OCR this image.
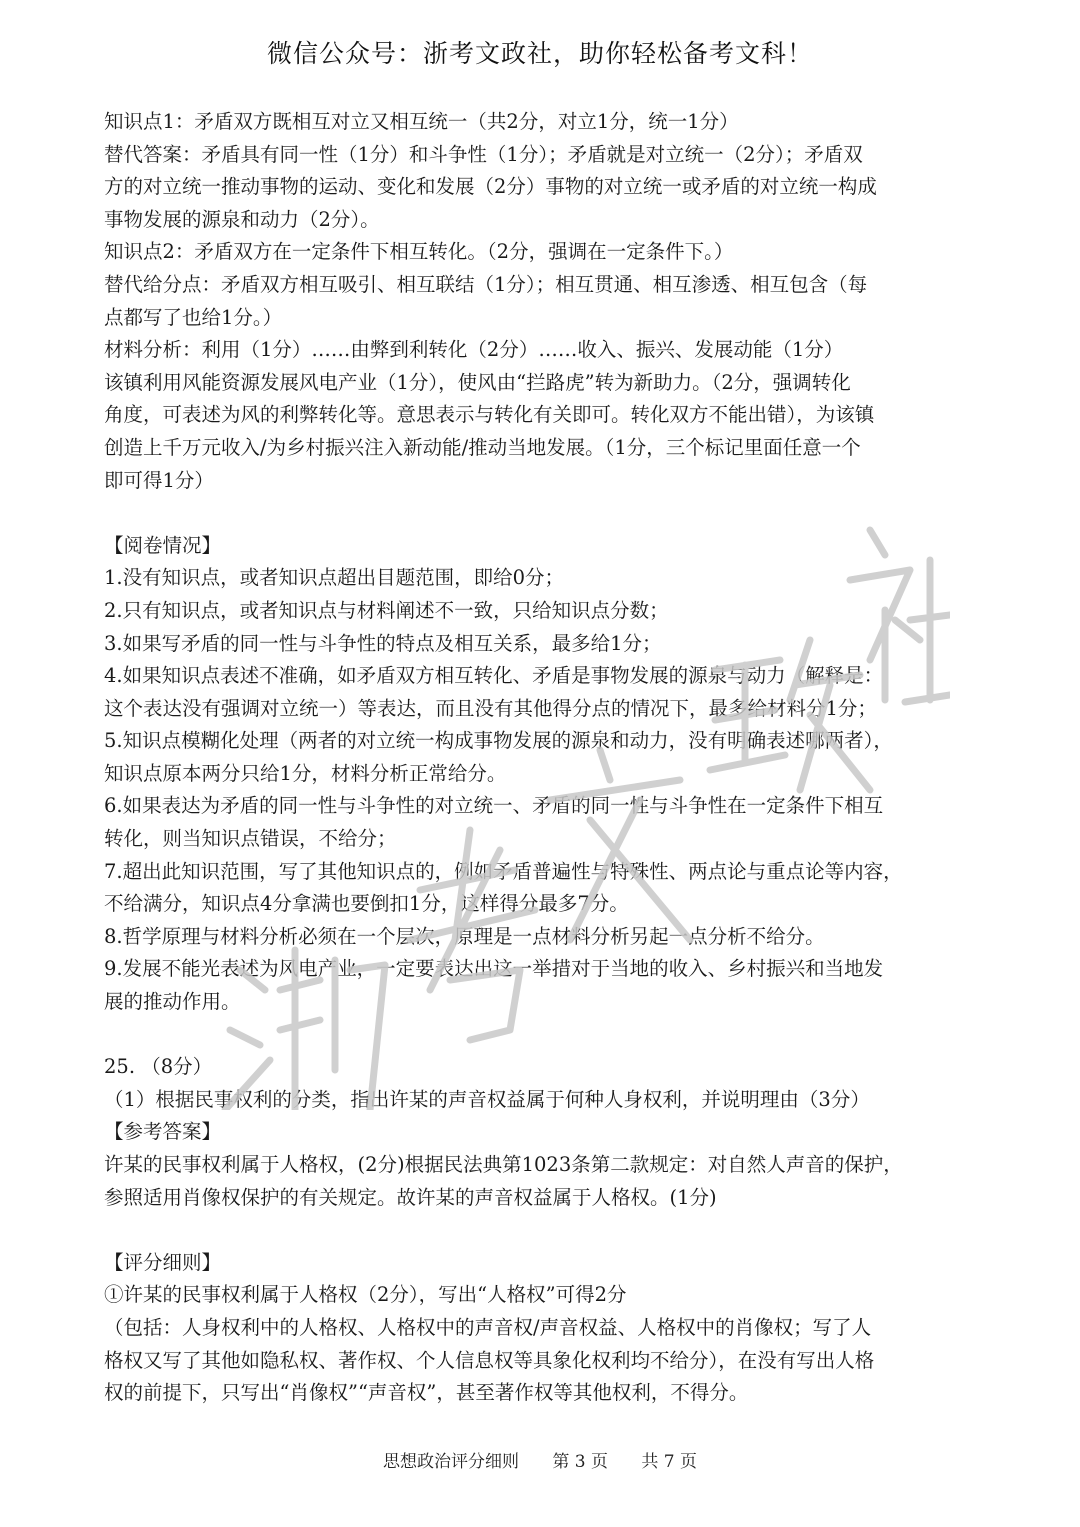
微信公众号：浙考文政社，助你轻松备考文科！

知识点1：矛盾双方既相互对立又相互统一（共2分，对立1分，统一1分）

替代答案：矛盾具有同一性（1分）和斗争性（1分）；矛盾就是对立统一（2分）；矛盾双

方的对立统一推动事物的运动、变化和发展（2分）事物的对立统一或矛盾的对立统一构成

事物发展的源泉和动力（2分）。

知识点2：矛盾双方在一定条件下相互转化。（2分，强调在一定条件下。）

替代给分点：矛盾双方相互吸引、相互联结（1分）；相互贯通、相互渗透、相互包含（每

点都写了也给1分。）

材料分析：利用（1分）……由弊到利转化（2分）……收入、振兴、发展动能（1分）

该镇利用风能资源发展风电产业（1分），使风由“拦路虎”转为新助力。（2分，强调转化

角度，可表述为风的利弊转化等。意思表示与转化有关即可。转化双方不能出错），为该镇

创造上千万元收入/为乡村振兴注入新动能/推动当地发展。（1分，三个标记里面任意一个

即可得1分）

【阅卷情况】

1.没有知识点，或者知识点超出目题范围，即给0分；

2.只有知识点，或者知识点与材料阐述不一致，只给知识点分数；

3.如果写矛盾的同一性与斗争性的特点及相互关系，最多给1分；

4.如果知识点表述不准确，如矛盾双方相互转化、矛盾是事物发展的源泉与动力（解释是：

这个表达没有强调对立统一）等表达，而且没有其他得分点的情况下，最多给材料分1分；

5.知识点模糊化处理（两者的对立统一构成事物发展的源泉和动力，没有明确表述哪两者），

知识点原本两分只给1分，材料分析正常给分。

6.如果表达为矛盾的同一性与斗争性的对立统一、矛盾的同一性与斗争性在一定条件下相互

转化，则当知识点错误，不给分；

7.超出此知识范围，写了其他知识点的，例如矛盾普遍性与特殊性、两点论与重点论等内容，

不给满分，知识点4分拿满也要倒扣1分，这样得分最多7分。

8.哲学原理与材料分析必须在一个层次，原理是一点材料分析另起一点分析不给分。

9.发展不能光表述为风电产业，一定要表达出这一举措对于当地的收入、乡村振兴和当地发

展的推动作用。

25. （8分）

（1）根据民事权利的分类，指出许某的声音权益属于何种人身权利，并说明理由（3分）

【参考答案】

许某的民事权利属于人格权，(2分)根据民法典第1023条第二款规定：对自然人声音的保护，

参照适用肖像权保护的有关规定。故许某的声音权益属于人格权。(1分)

【评分细则】

①许某的民事权利属于人格权（2分），写出“人格权”可得2分

（包括：人身权利中的人格权、人格权中的声音权/声音权益、人格权中的肖像权；写了人

格权又写了其他如隐私权、著作权、个人信息权等具象化权利均不给分），在没有写出人格

权的前提下，只写出“肖像权”“声音权”，甚至著作权等其他权利，不得分。

思想政治评分细则 第 3 页 共 7 页
